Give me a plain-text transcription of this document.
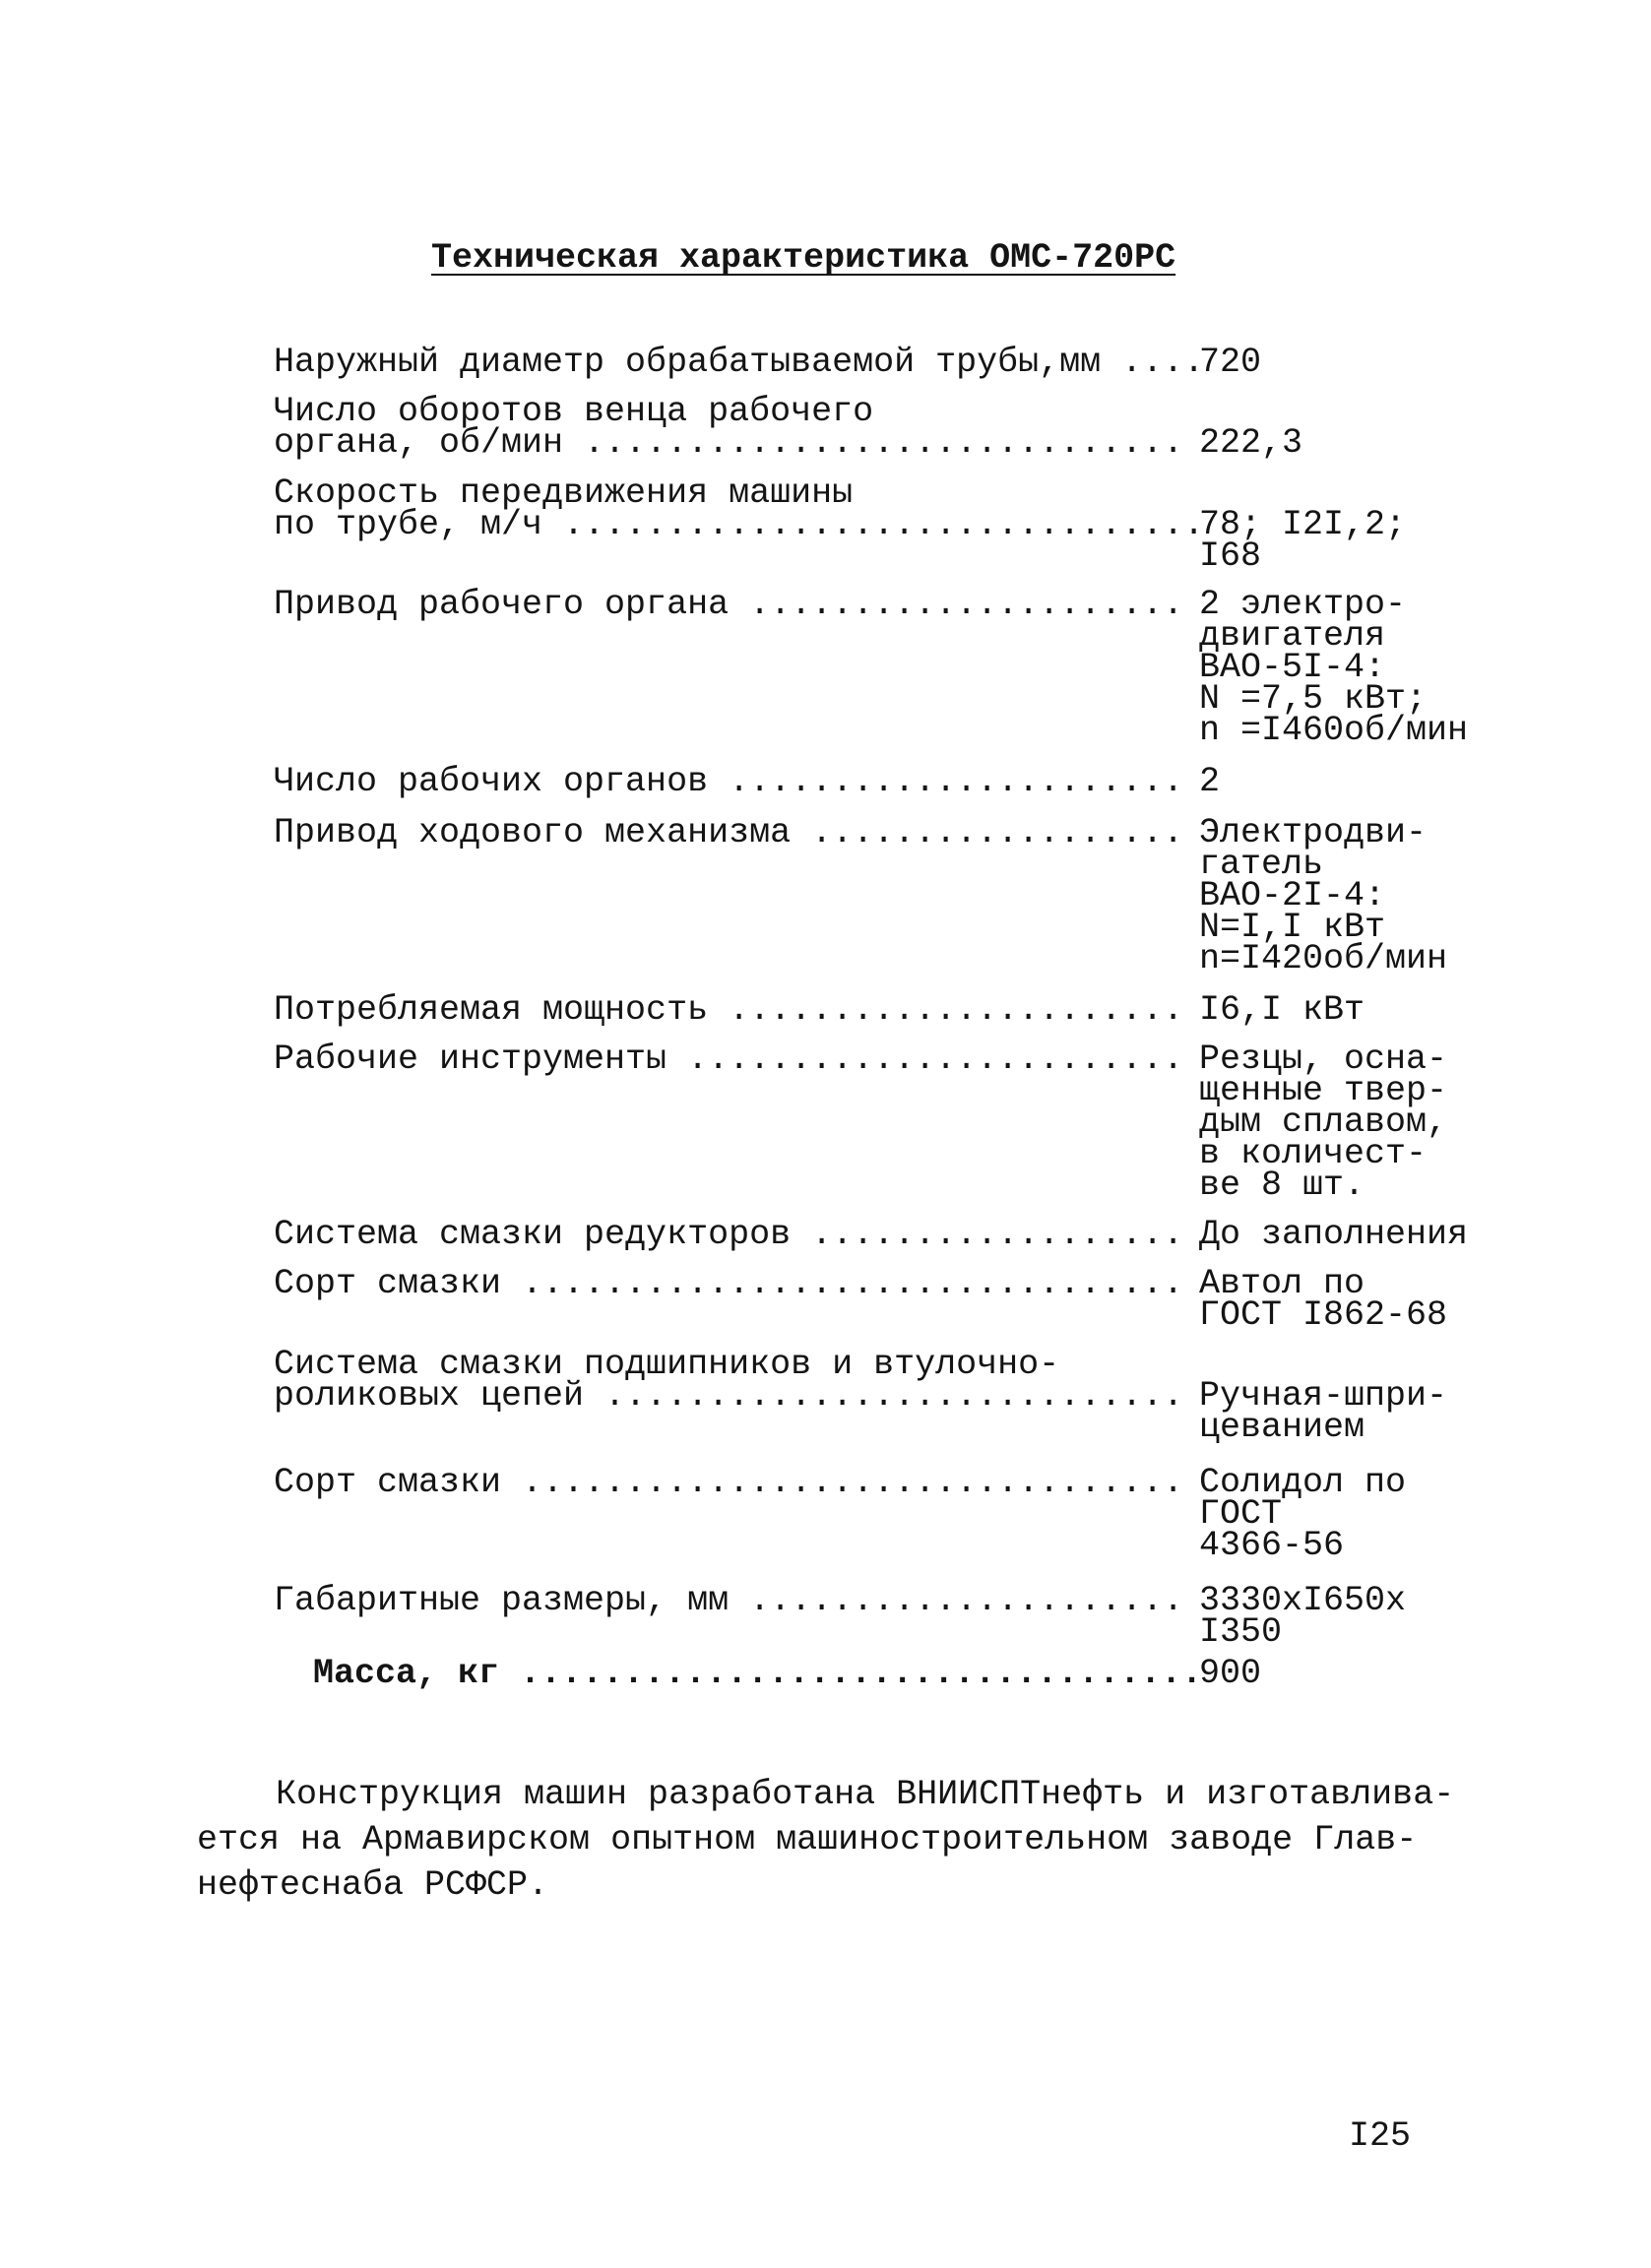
Техническая характеристика ОМС-720РС
Наружный диаметр обрабатываемой трубы,мм ....
720
Число оборотов венца рабочего
органа, об/мин ............................. 222,3
Скорость передвижения машины
по трубе, м/ч ...............................
78; I2I,2;
I68
Привод рабочего органа ..................... 2 электро-
двигателя
ВАО-5I-4:
N =7,5 кВт;
n =I460об/мин
Число рабочих органов ...................... 2
Привод ходового механизма .................. Электродви-
гатель
ВАО-2I-4:
N=I,I кВт
n=I420об/мин
Потребляемая мощность ...................... I6,I кВт
Рабочие инструменты ........................ Резцы, осна-
щенные твер-
дым сплавом,
в количест-
ве 8 шт.
Система смазки редукторов .................. До заполнения
Сорт смазки ................................ Автол по
ГОСТ I862-68
Система смазки подшипников и втулочно-
роликовых цепей ............................ Ручная-шпри-
цеванием
Сорт смазки ................................ Солидол по
ГОСТ
4366-56
Габаритные размеры, мм ..................... 3330хI650х
I350
Масса, кг .................................
900
Конструкция машин разработана ВНИИСПТнефть и изготавлива-
ется на Армавирском опытном машиностроительном заводе Глав-
нефтеснаба РСФСР.
I25
